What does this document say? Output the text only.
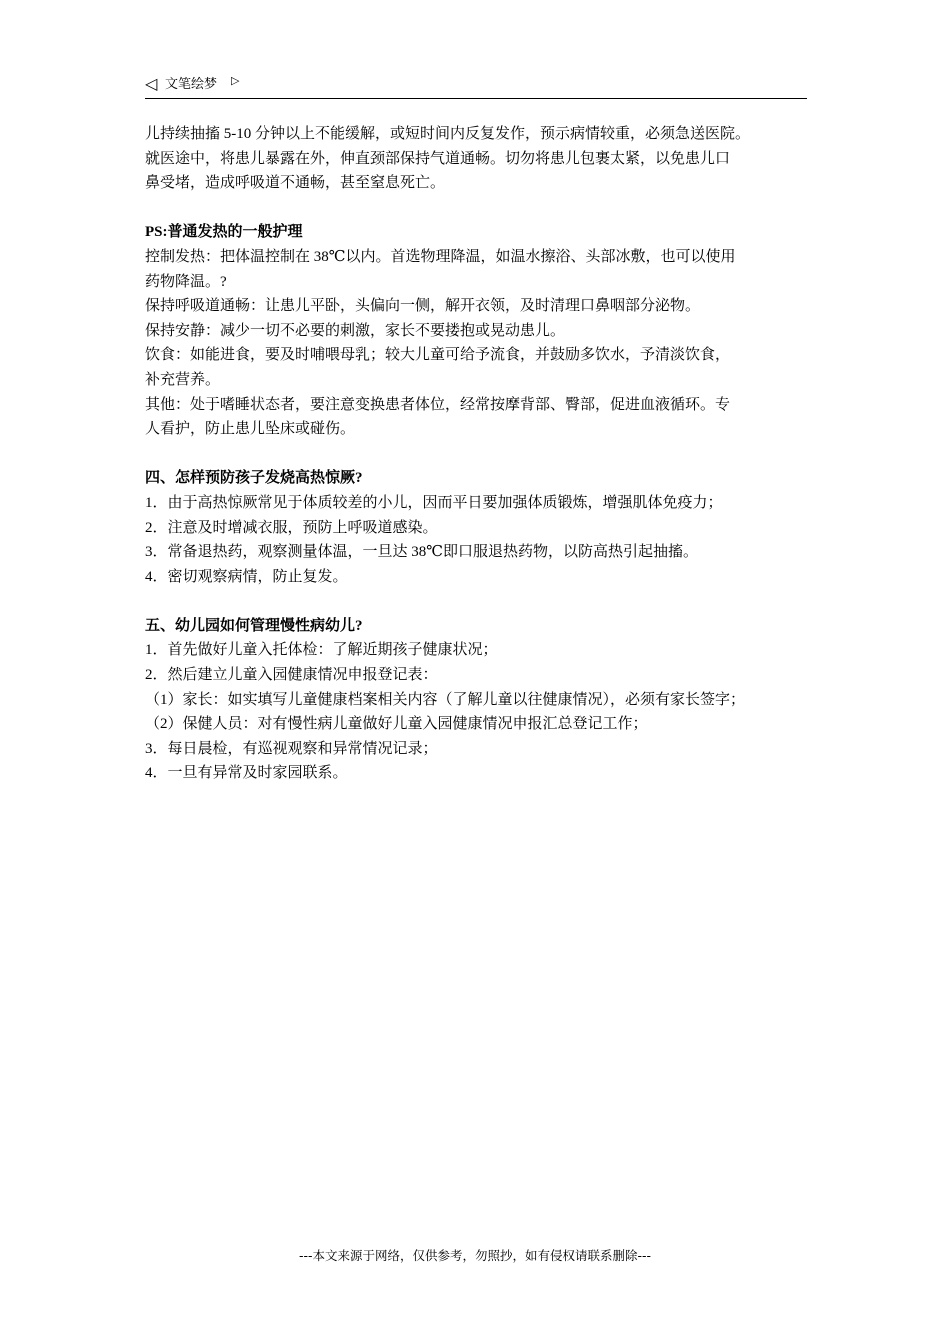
◁ 文笔绘梦 ▷

儿持续抽搐 5-10 分钟以上不能缓解，或短时间内反复发作，预示病情较重，必须急送医院。

就医途中，将患儿暴露在外，伸直颈部保持气道通畅。切勿将患儿包裹太紧，以免患儿口

鼻受堵，造成呼吸道不通畅，甚至窒息死亡。

PS:普通发热的一般护理

控制发热：把体温控制在 38℃以内。首选物理降温，如温水擦浴、头部冰敷，也可以使用

药物降温。?

保持呼吸道通畅：让患儿平卧，头偏向一侧，解开衣领，及时清理口鼻咽部分泌物。

保持安静：减少一切不必要的刺激，家长不要搂抱或晃动患儿。

饮食：如能进食，要及时哺喂母乳；较大儿童可给予流食，并鼓励多饮水，予清淡饮食，

补充营养。

其他：处于嗜睡状态者，要注意变换患者体位，经常按摩背部、臀部，促进血液循环。专

人看护，防止患儿坠床或碰伤。

四、怎样预防孩子发烧高热惊厥?

1．由于高热惊厥常见于体质较差的小儿，因而平日要加强体质锻炼，增强肌体免疫力；

2．注意及时增减衣服，预防上呼吸道感染。

3．常备退热药，观察测量体温，一旦达 38℃即口服退热药物，以防高热引起抽搐。

4．密切观察病情，防止复发。

五、幼儿园如何管理慢性病幼儿?

1．首先做好儿童入托体检：了解近期孩子健康状况；

2．然后建立儿童入园健康情况申报登记表：

（1）家长：如实填写儿童健康档案相关内容（了解儿童以往健康情况），必须有家长签字；

（2）保健人员：对有慢性病儿童做好儿童入园健康情况申报汇总登记工作；

3．每日晨检，有巡视观察和异常情况记录；

4．一旦有异常及时家园联系。

---本文来源于网络，仅供参考，勿照抄，如有侵权请联系删除---
